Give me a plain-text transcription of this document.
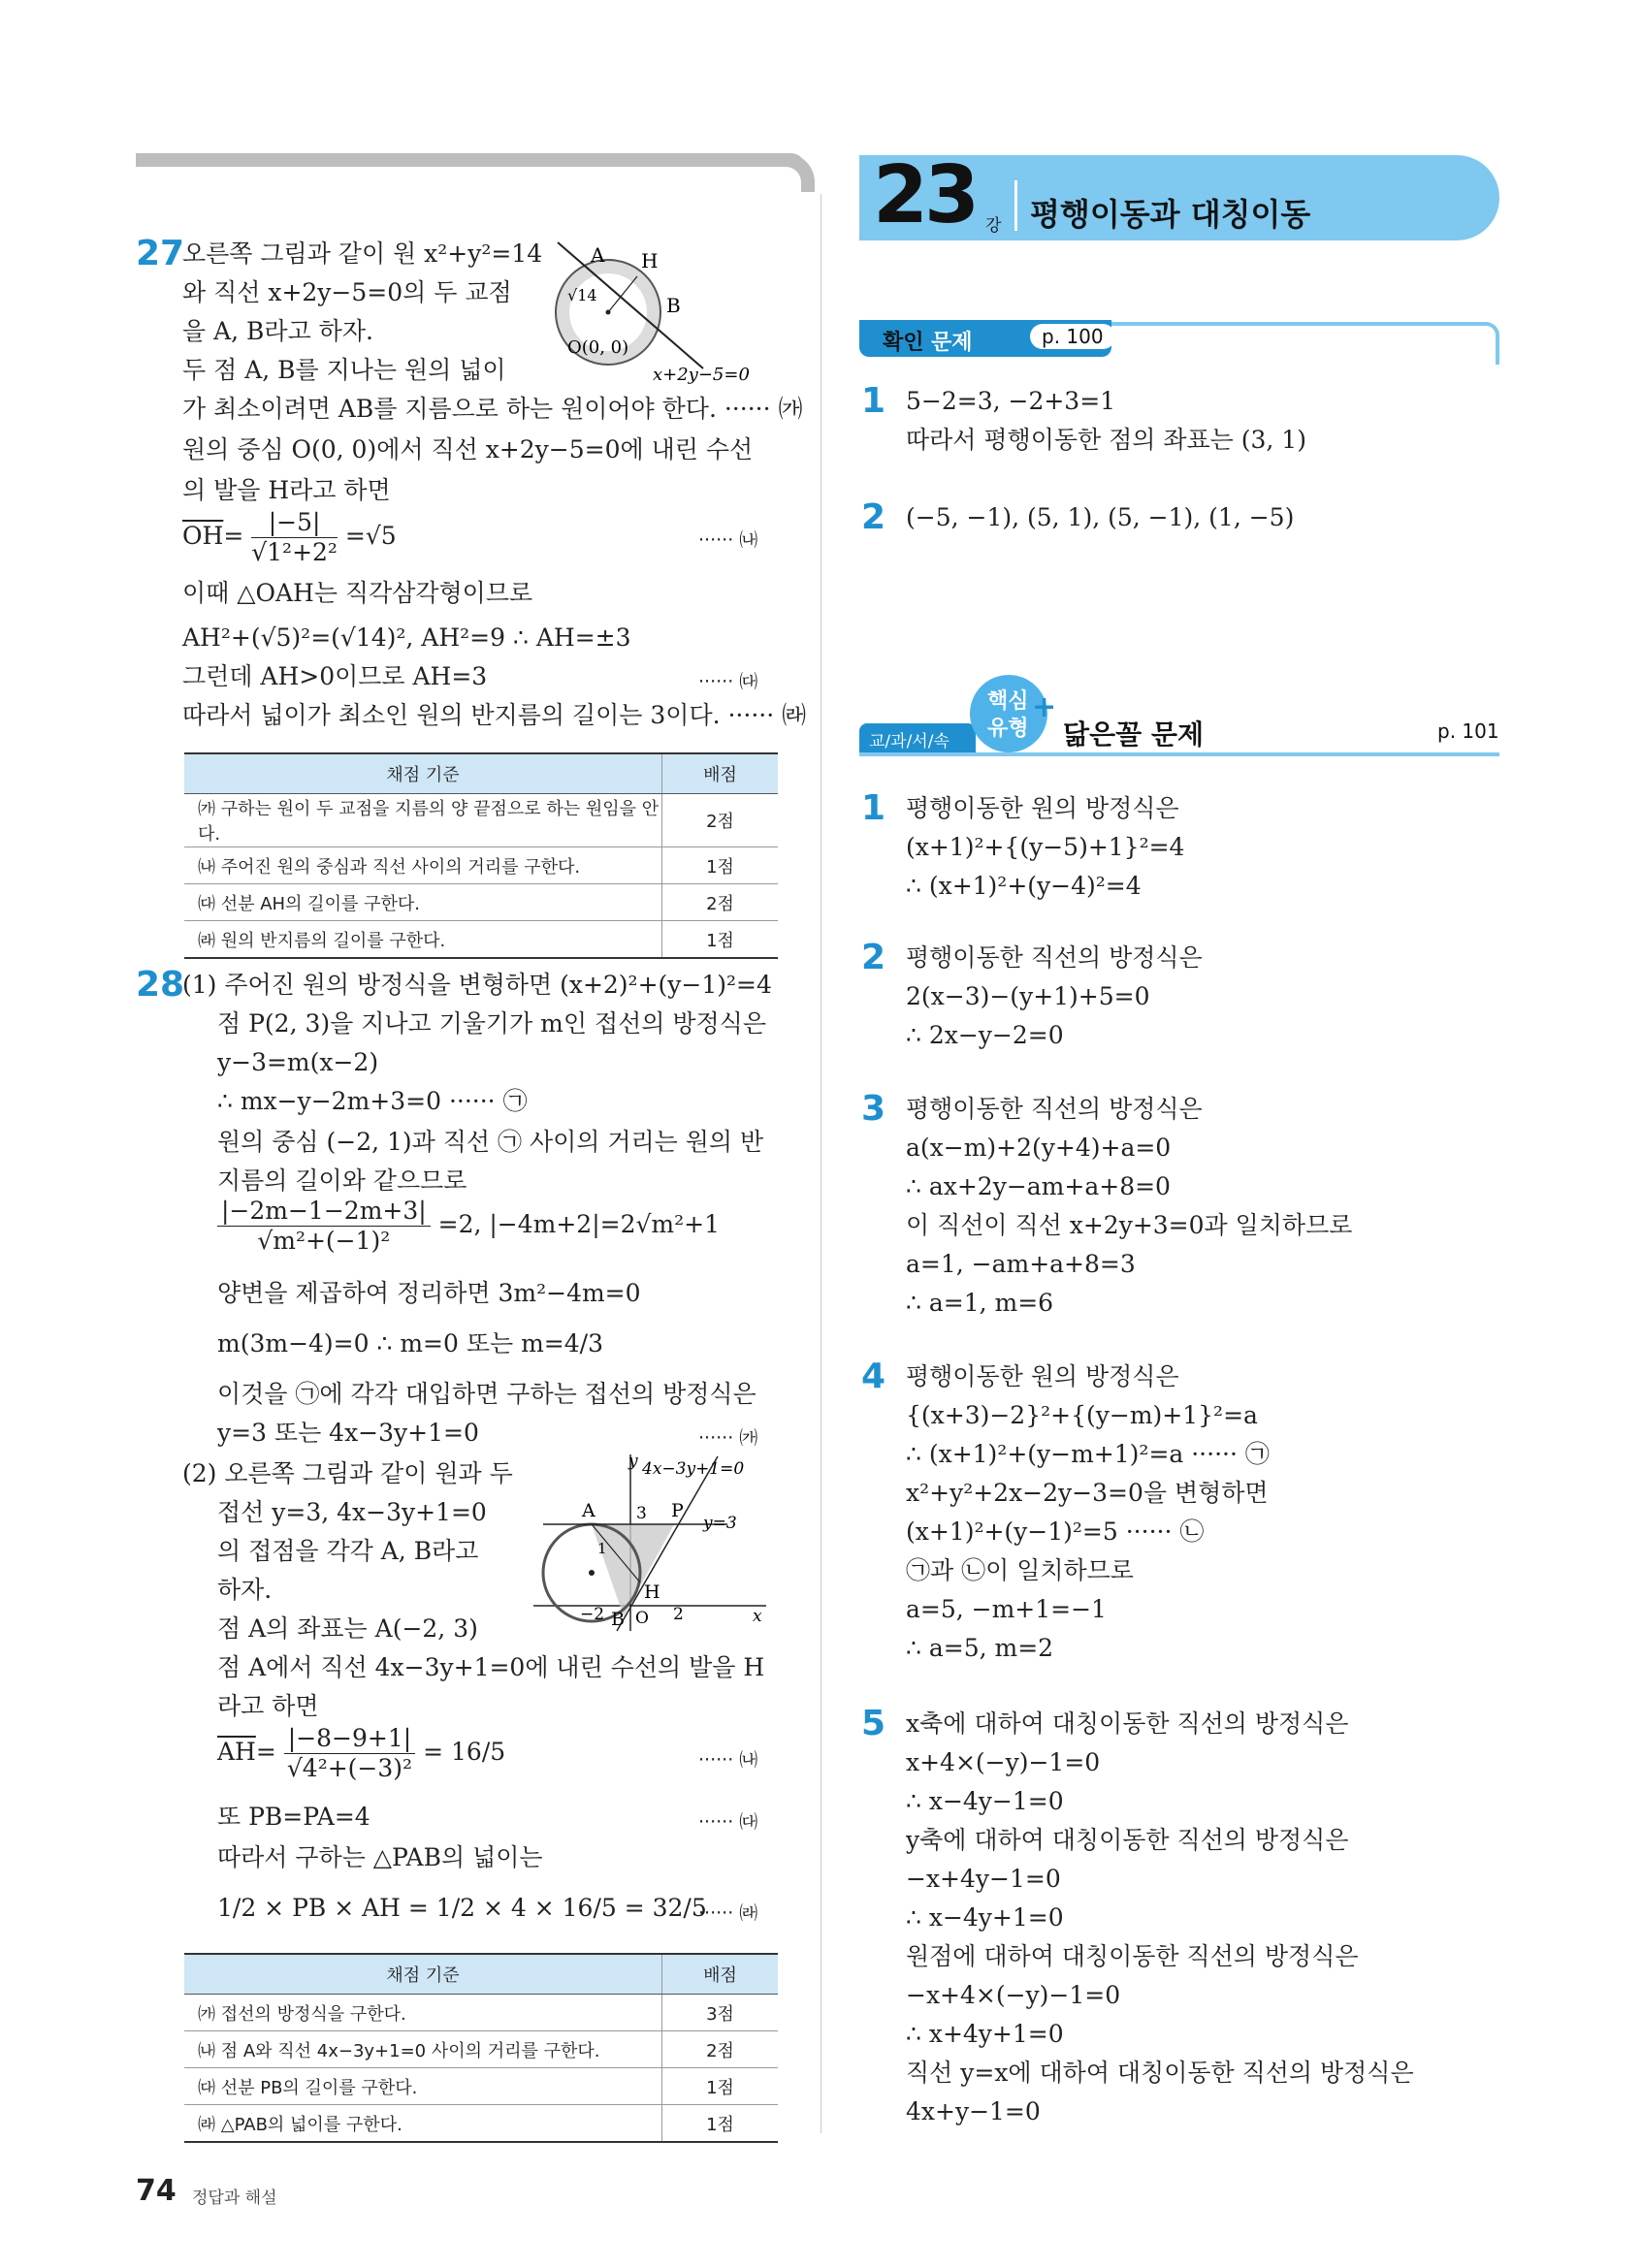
27
오른쪽 그림과 같이 원 x²+y²=14
와 직선 x+2y−5=0의 두 교점
을 A, B라고 하자.
두 점 A, B를 지나는 원의 넓이
가 최소이려면 AB를 지름으로 하는 원이어야 한다. ······ ㈎
원의 중심 O(0, 0)에서 직선 x+2y−5=0에 내린 수선
의 발을 H라고 하면
$\overline{OH}= \frac{|-5|}{\text{√1²+2²}} =√5$	······ ㈏
이때 △OAH는 직각삼각형이므로
AH²+(√5)²=(√14)², AH²=9 ∴ AH=±3
그런데 AH>0이므로 AH=3	······ ㈐
따라서 넓이가 최소인 원의 반지름의 길이는 3이다. ······ ㈑
A H
B
√14
O(0, 0)
x+2y−5=0
채점 기준	배점
㈎ 구하는 원이 두 교점을 지름의 양 끝점으로 하는 원임을 안다.	2점
㈏ 주어진 원의 중심과 직선 사이의 거리를 구한다.	1점
㈐ 선분 AH의 길이를 구한다.	2점
㈑ 원의 반지름의 길이를 구한다.	1점
28
(1) 주어진 원의 방정식을 변형하면 (x+2)²+(y−1)²=4
점 P(2, 3)을 지나고 기울기가 m인 접선의 방정식은
y−3=m(x−2)
∴ mx−y−2m+3=0 ······ ㉠
원의 중심 (−2, 1)과 직선 ㉠ 사이의 거리는 원의 반
지름의 길이와 같으므로
$\frac{|-2m-1-2m+3|}{\text{√m²+(−1)²}} =2$, |−4m+2|=2√m²+1
양변을 제곱하여 정리하면 3m²−4m=0
m(3m−4)=0 ∴ m=0 또는 m=4/3
이것을 ㉠에 각각 대입하면 구하는 접선의 방정식은
y=3 또는 4x−3y+1=0	······ ㈎
(2) 오른쪽 그림과 같이 원과 두
접선 y=3, 4x−3y+1=0
의 접점을 각각 A, B라고
하자.
점 A의 좌표는 A(−2, 3)
점 A에서 직선 4x−3y+1=0에 내린 수선의 발을 H
라고 하면
$\overline{AH}= \frac{|-8-9+1|}{\text{√4²+(−3)²}} = 16/5$	······ ㈏
또 PB=PA=4	······ ㈐
따라서 구하는 △PAB의 넓이는
1/2 × PB × AH = 1/2 × 4 × 16/5 = 32/5
······ ㈑
y 4x−3y+1=0
y=3
A	P
B
H
O
3
−2	2
1
x
채점 기준	배점
㈎ 접선의 방정식을 구한다.	3점
㈏ 점 A와 직선 4x−3y+1=0 사이의 거리를 구한다.	2점
㈐ 선분 PB의 길이를 구한다.	1점
㈑ △PAB의 넓이를 구한다.	1점
74 정답과 해설
23 강 평행이동과 대칭이동
확인 문제	p. 100
1 5−2=3, −2+3=1
따라서 평행이동한 점의 좌표는 (3, 1)
2 (−5, −1), (5, 1), (5, −1), (1, −5)
교/과/서/속
핵심
유형
+
닮은꼴 문제	p. 101
1 평행이동한 원의 방정식은
(x+1)²+{(y−5)+1}²=4
∴ (x+1)²+(y−4)²=4
2 평행이동한 직선의 방정식은
2(x−3)−(y+1)+5=0
∴ 2x−y−2=0
3 평행이동한 직선의 방정식은
a(x−m)+2(y+4)+a=0
∴ ax+2y−am+a+8=0
이 직선이 직선 x+2y+3=0과 일치하므로
a=1, −am+a+8=3
∴ a=1, m=6
4 평행이동한 원의 방정식은
{(x+3)−2}²+{(y−m)+1}²=a
∴ (x+1)²+(y−m+1)²=a ······ ㉠
x²+y²+2x−2y−3=0을 변형하면
(x+1)²+(y−1)²=5 ······ ㉡
㉠과 ㉡이 일치하므로
a=5, −m+1=−1
∴ a=5, m=2
5 x축에 대하여 대칭이동한 직선의 방정식은
x+4×(−y)−1=0
∴ x−4y−1=0
y축에 대하여 대칭이동한 직선의 방정식은
−x+4y−1=0
∴ x−4y+1=0
원점에 대하여 대칭이동한 직선의 방정식은
−x+4×(−y)−1=0
∴ x+4y+1=0
직선 y=x에 대하여 대칭이동한 직선의 방정식은
4x+y−1=0
